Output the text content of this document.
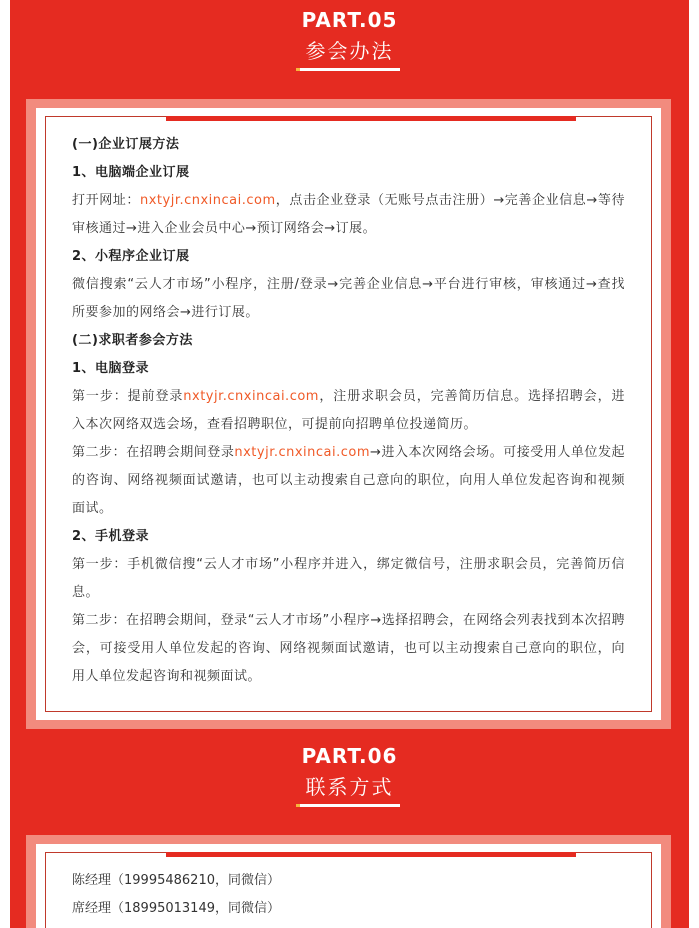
PART.05
参会办法

(一)企业订展方法

1、电脑端企业订展

打开网址：nxtyjr.cnxincai.com，点击企业登录（无账号点击注册）→完善企业信息→等待审核通过→进入企业会员中心→预订网络会→订展。

2、小程序企业订展

微信搜索“云人才市场”小程序，注册/登录→完善企业信息→平台进行审核，审核通过→查找所要参加的网络会→进行订展。

(二)求职者参会方法

1、电脑登录

第一步：提前登录nxtyjr.cnxincai.com，注册求职会员，完善简历信息。选择招聘会，进入本次网络双选会场，查看招聘职位，可提前向招聘单位投递简历。

第二步：在招聘会期间登录nxtyjr.cnxincai.com→进入本次网络会场。可接受用人单位发起的咨询、网络视频面试邀请，也可以主动搜索自己意向的职位，向用人单位发起咨询和视频面试。

2、手机登录

第一步：手机微信搜“云人才市场”小程序并进入，绑定微信号，注册求职会员，完善简历信息。

第二步：在招聘会期间，登录“云人才市场”小程序→选择招聘会，在网络会列表找到本次招聘会，可接受用人单位发起的咨询、网络视频面试邀请，也可以主动搜索自己意向的职位，向用人单位发起咨询和视频面试。

PART.06
联系方式

陈经理（19995486210，同微信）

席经理（18995013149，同微信）
